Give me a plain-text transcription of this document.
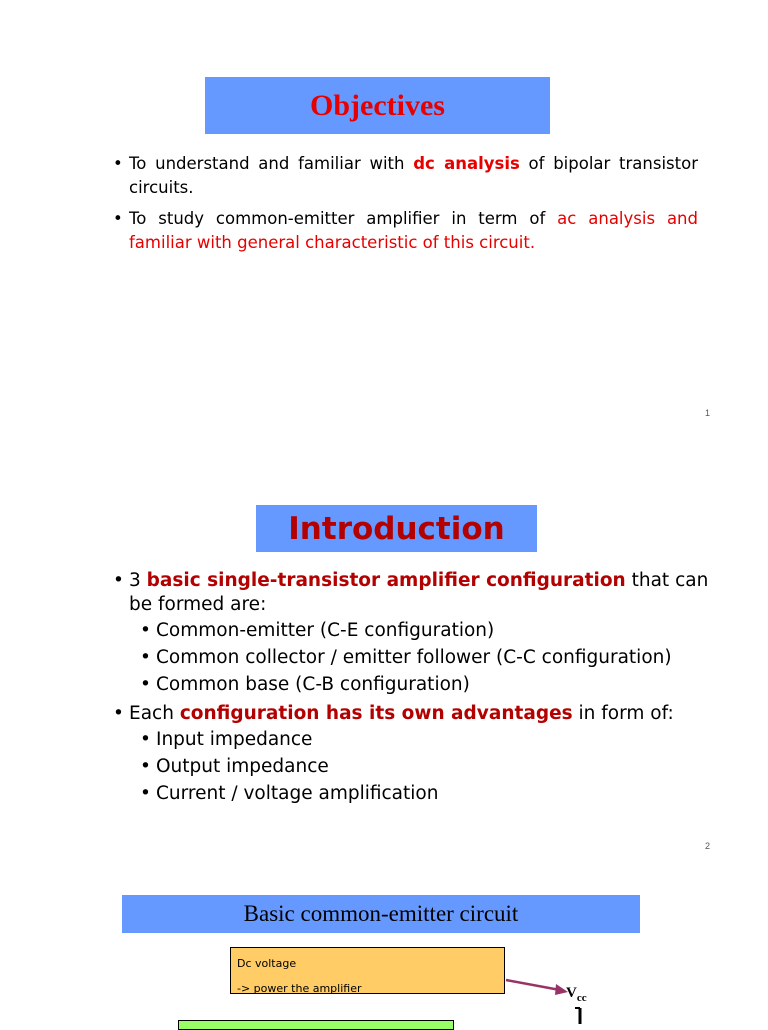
Objectives
• To understand and familiar with dc analysis of bipolar transistor circuits.
• To study common-emitter amplifier in term of ac analysis and familiar with general characteristic of this circuit.
1
Introduction
• 3 basic single-transistor amplifier configuration that can be formed are:
• Common-emitter (C-E configuration)
• Common collector / emitter follower (C-C configuration)
• Common base (C-B configuration)
• Each configuration has its own advantages in form of:
• Input impedance
• Output impedance
• Current / voltage amplification
2
Basic common-emitter circuit
Dc voltage
-> power the amplifier	$V_{cc}$
